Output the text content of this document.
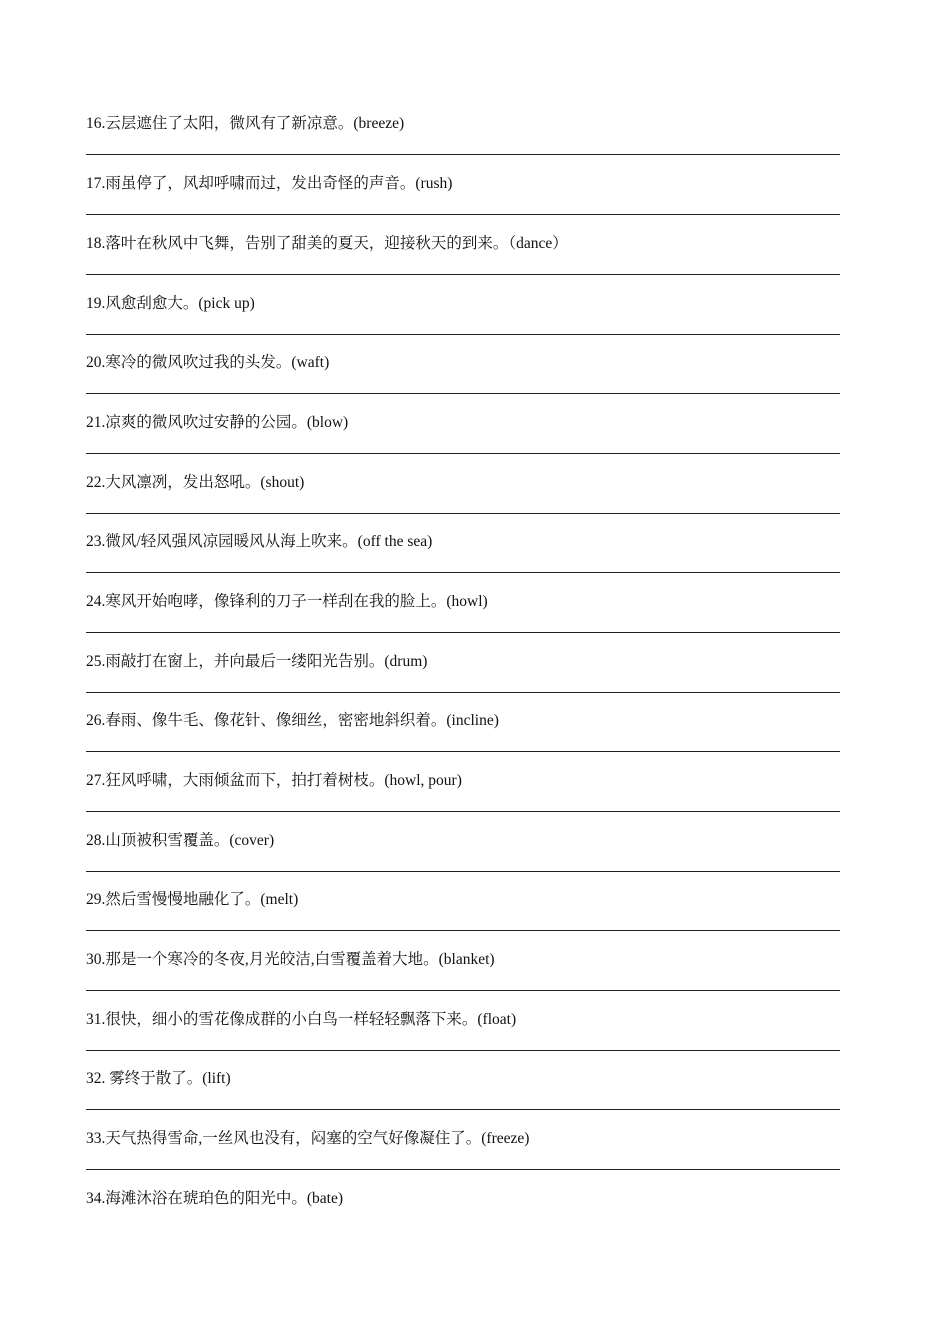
16.云层遮住了太阳，微风有了新凉意。(breeze)
17.雨虽停了，风却呼啸而过，发出奇怪的声音。(rush)
18.落叶在秋风中飞舞，告别了甜美的夏天，迎接秋天的到来。（dance）
19.风愈刮愈大。(pick up)
20.寒冷的微风吹过我的头发。(waft)
21.凉爽的微风吹过安静的公园。(blow)
22.大风凛冽，发出怒吼。(shout)
23.微风/轻风强风凉园暖风从海上吹来。(off the sea)
24.寒风开始咆哮，像锋利的刀子一样刮在我的脸上。(howl)
25.雨敲打在窗上，并向最后一缕阳光告别。(drum)
26.春雨、像牛毛、像花针、像细丝，密密地斜织着。(incline)
27.狂风呼啸，大雨倾盆而下，拍打着树枝。(howl, pour)
28.山顶被积雪覆盖。(cover)
29.然后雪慢慢地融化了。(melt)
30.那是一个寒冷的冬夜,月光皎洁,白雪覆盖着大地。(blanket)
31.很快，细小的雪花像成群的小白鸟一样轻轻飘落下来。(float)
32. 雾终于散了。(lift)
33.天气热得雪命,一丝风也没有，闷塞的空气好像凝住了。(freeze)
34.海滩沐浴在琥珀色的阳光中。(bate)
